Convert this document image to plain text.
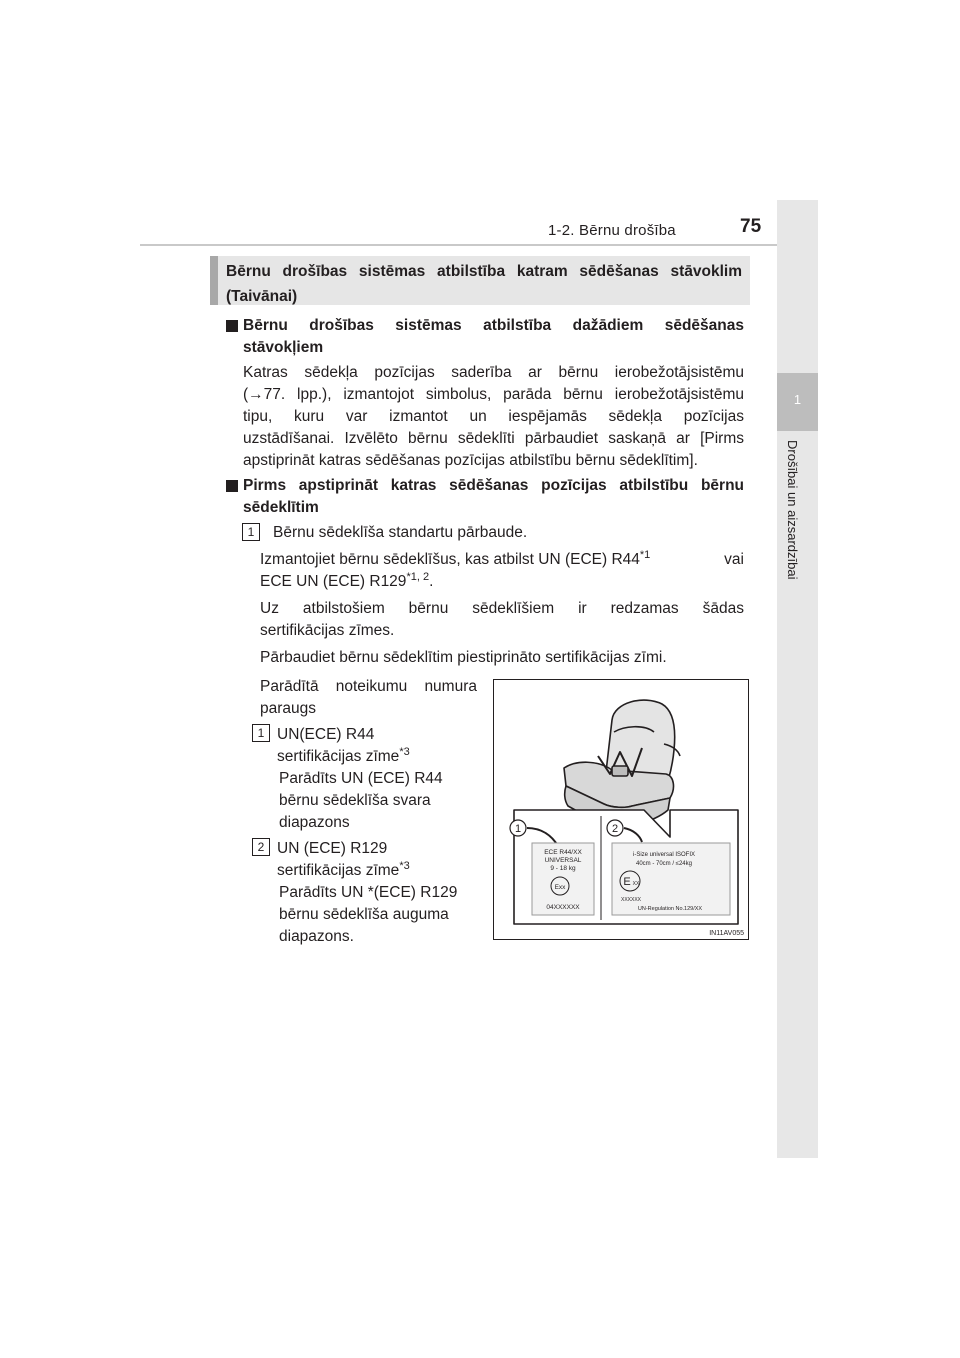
1-2. Bērnu drošība	75
1
Drošībai un aizsardzībai
Bērnu drošības sistēmas atbilstība katram sēdēšanas stāvoklim
(Taivānai)
Bērnu drošības sistēmas atbilstība dažādiem sēdēšanas
stāvokļiem
Katras sēdekļa pozīcijas saderība ar bērnu ierobežotājsistēmu
(→77. lpp.), izmantojot simbolus, parāda bērnu ierobežotājsistēmu
tipu, kuru var izmantot un iespējamās sēdekļa pozīcijas
uzstādīšanai. Izvēlēto bērnu sēdeklīti pārbaudiet saskaņā ar [Pirms
apstiprināt katras sēdēšanas pozīcijas atbilstību bērnu sēdeklītim].
Pirms apstiprināt katras sēdēšanas pozīcijas atbilstību bērnu
sēdeklītim
1	Bērnu sēdeklīša standartu pārbaude.
Izmantojiet bērnu sēdeklīšus, kas atbilst UN (ECE) R44$^{*1}$	vai
ECE UN (ECE) R129$^{*1, 2}$.
Uz atbilstošiem bērnu sēdeklīšiem ir redzamas šādas
sertifikācijas zīmes.
Pārbaudiet bērnu sēdeklītim piestiprināto sertifikācijas zīmi.
Parādītā noteikumu numura
paraugs
1 UN(ECE) R44
sertifikācijas zīme$^{*3}$
Parādīts UN (ECE) R44
bērnu sēdeklīša svara
diapazons
2 UN (ECE) R129
sertifikācijas zīme$^{*3}$
Parādīts UN *(ECE) R129
bērnu sēdeklīša auguma
diapazons.
1	2
ECE R44/XX
UNIVERSAL
9 - 18 kg
Exx
04XXXXXX
i-Size universal ISOFIX
40cm - 70cm / ≤24kg
E XX
XXXXXX
UN-Regulation No.129/XX
IN11AV055
